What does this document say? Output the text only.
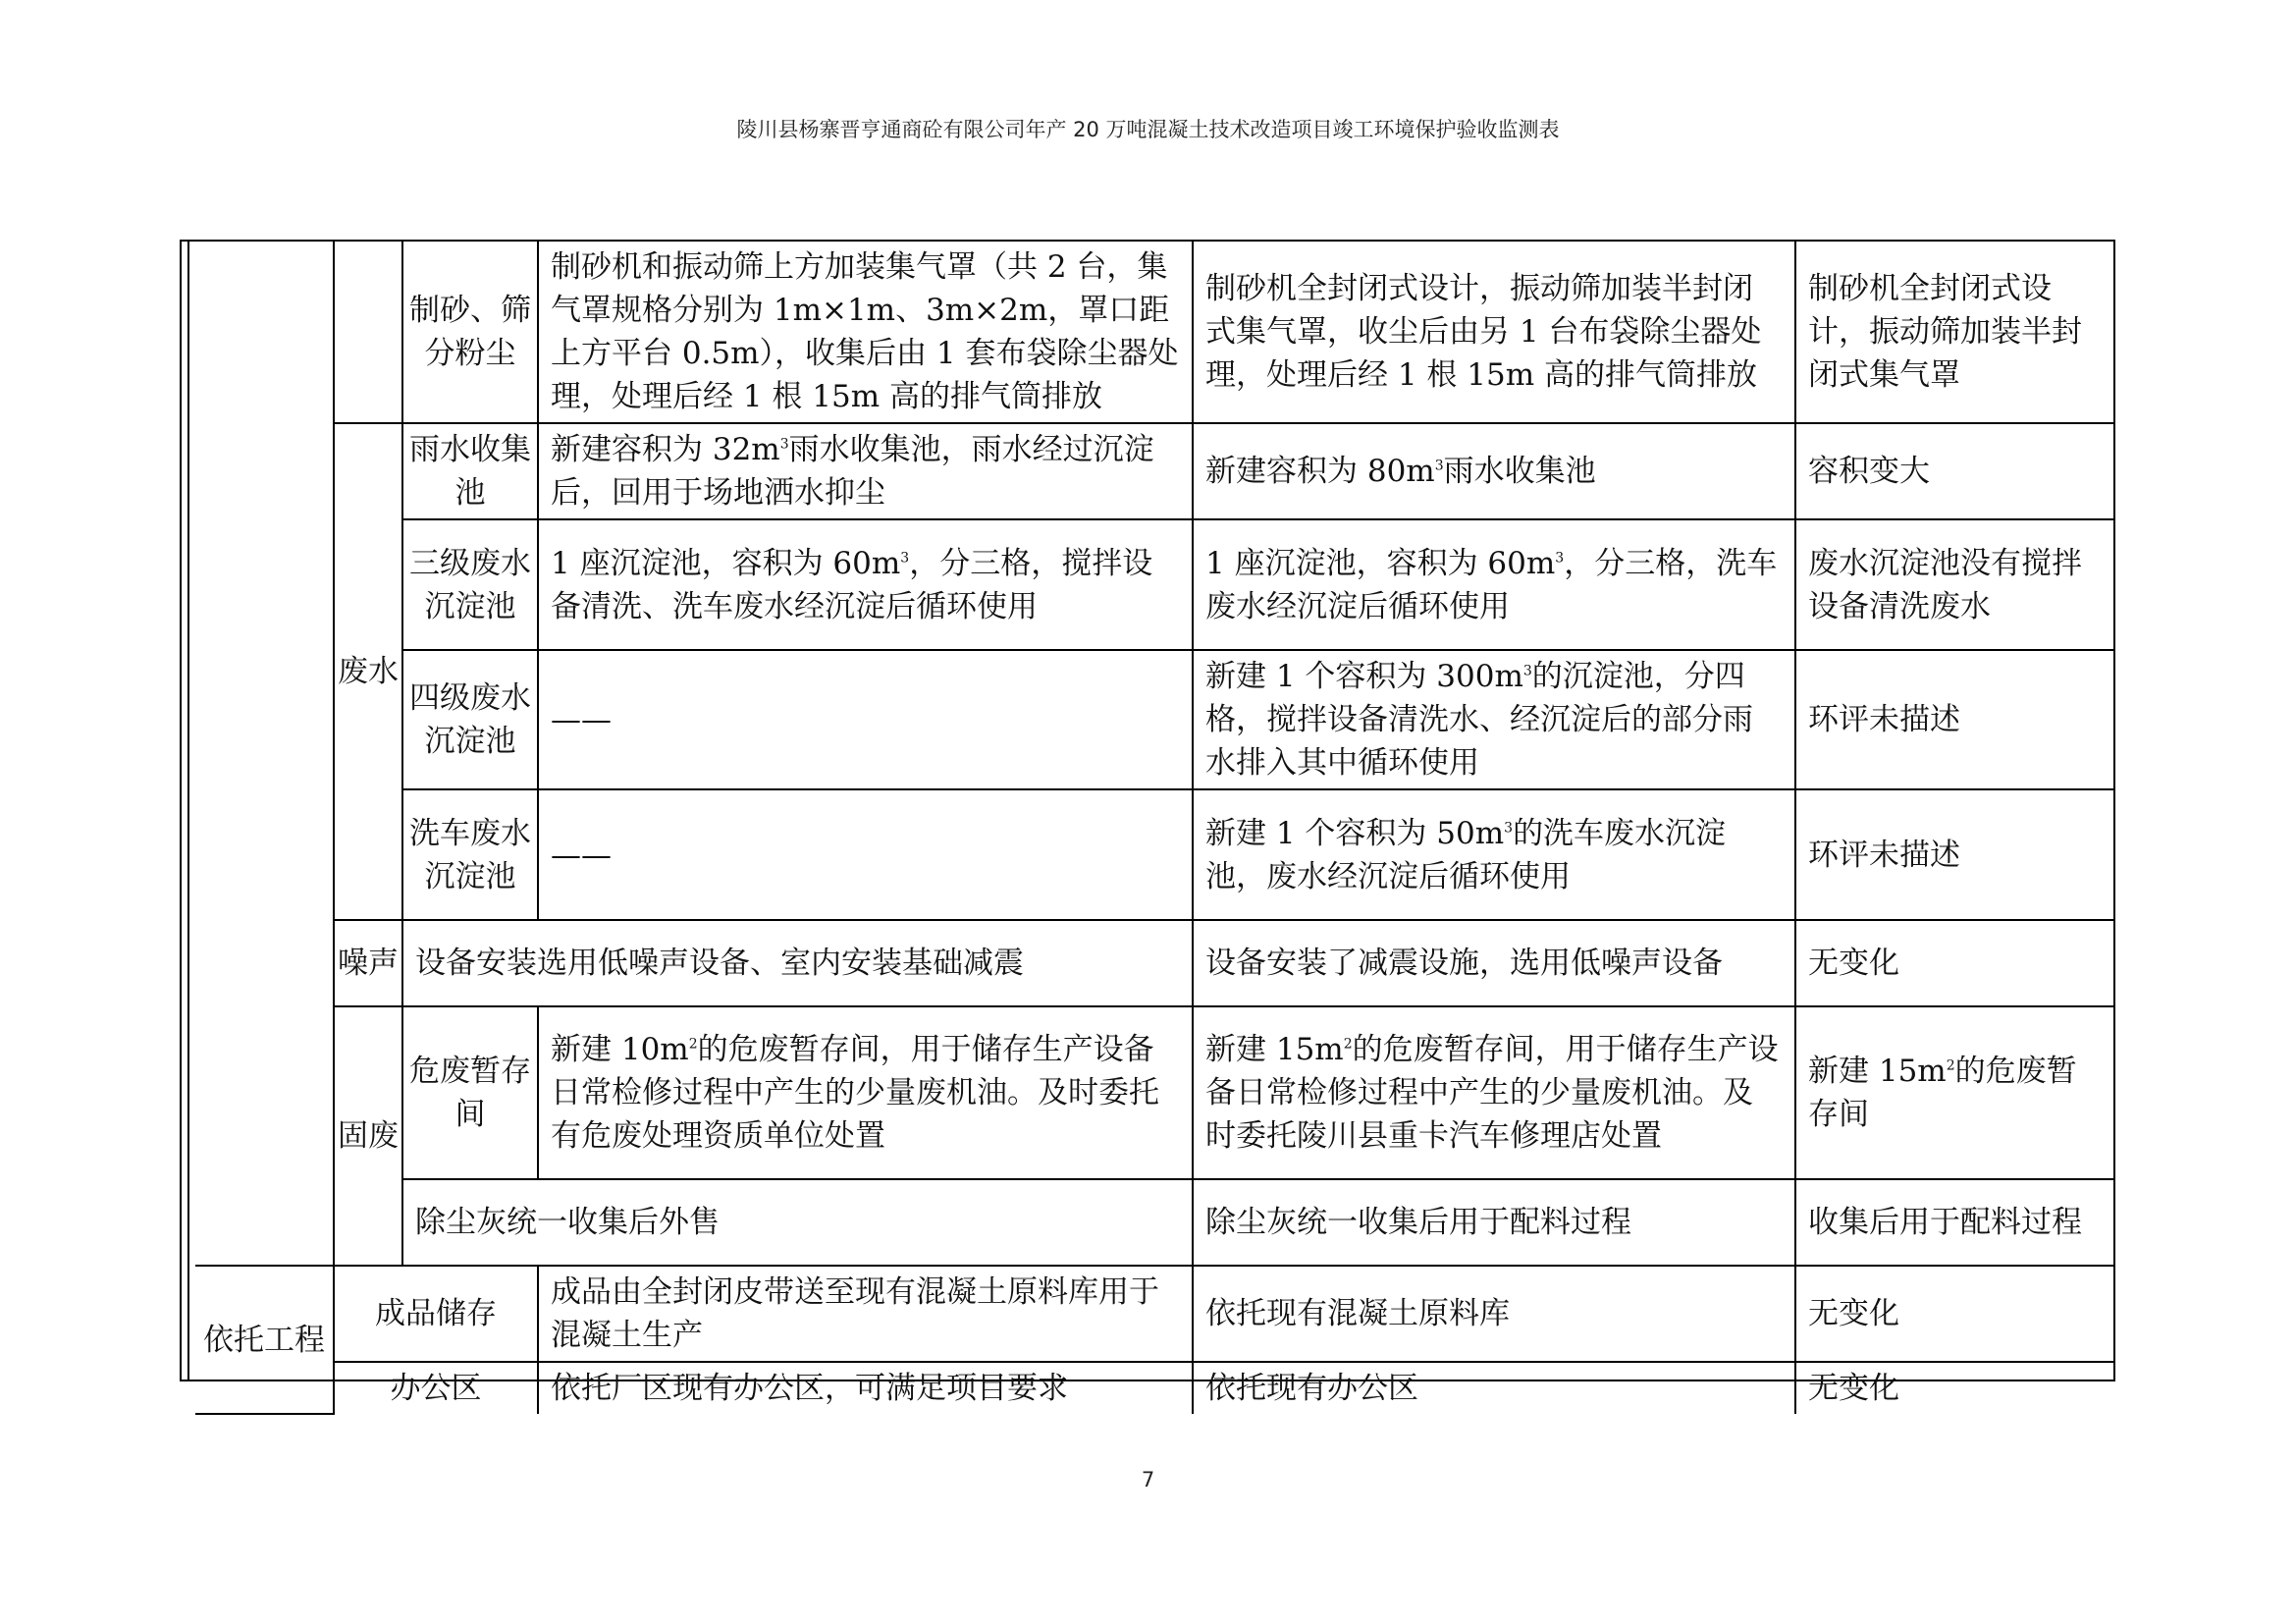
陵川县杨寨晋亨通商砼有限公司年产 20 万吨混凝土技术改造项目竣工环境保护验收监测表
		制砂、筛分粉尘	制砂机和振动筛上方加装集气罩（共 2 台，集气罩规格分别为 1m×1m、3m×2m，罩口距上方平台 0.5m），收集后由 1 套布袋除尘器处理，处理后经 1 根 15m 高的排气筒排放	制砂机全封闭式设计，振动筛加装半封闭式集气罩，收尘后由另 1 台布袋除尘器处理，处理后经 1 根 15m 高的排气筒排放	制砂机全封闭式设计，振动筛加装半封闭式集气罩
	废水	雨水收集池	新建容积为 $32m^3$雨水收集池，雨水经过沉淀后，回用于场地洒水抑尘	新建容积为 $80m^3$雨水收集池	容积变大
		三级废水沉淀池	1 座沉淀池，容积为 $60m^3$，分三格，搅拌设备清洗、洗车废水经沉淀后循环使用	1 座沉淀池，容积为 $60m^3$，分三格，洗车废水经沉淀后循环使用	废水沉淀池没有搅拌设备清洗废水
		四级废水沉淀池	——	新建 1 个容积为 $300m^3$的沉淀池，分四格，搅拌设备清洗水、经沉淀后的部分雨水排入其中循环使用	环评未描述
		洗车废水沉淀池	——	新建 1 个容积为 $50m^3$的洗车废水沉淀池，废水经沉淀后循环使用	环评未描述
	噪声	设备安装选用低噪声设备、室内安装基础减震		设备安装了减震设施，选用低噪声设备	无变化
	固废	危废暂存间	新建 $10m^2$的危废暂存间，用于储存生产设备日常检修过程中产生的少量废机油。及时委托有危废处理资质单位处置	新建 $15m^2$的危废暂存间，用于储存生产设备日常检修过程中产生的少量废机油。及时委托陵川县重卡汽车修理店处置	新建 $15m^2$的危废暂存间
		除尘灰统一收集后外售		除尘灰统一收集后用于配料过程	收集后用于配料过程
依托工程	成品储存		成品由全封闭皮带送至现有混凝土原料库用于混凝土生产	依托现有混凝土原料库	无变化
	办公区		依托厂区现有办公区，可满足项目要求	依托现有办公区	无变化
7
